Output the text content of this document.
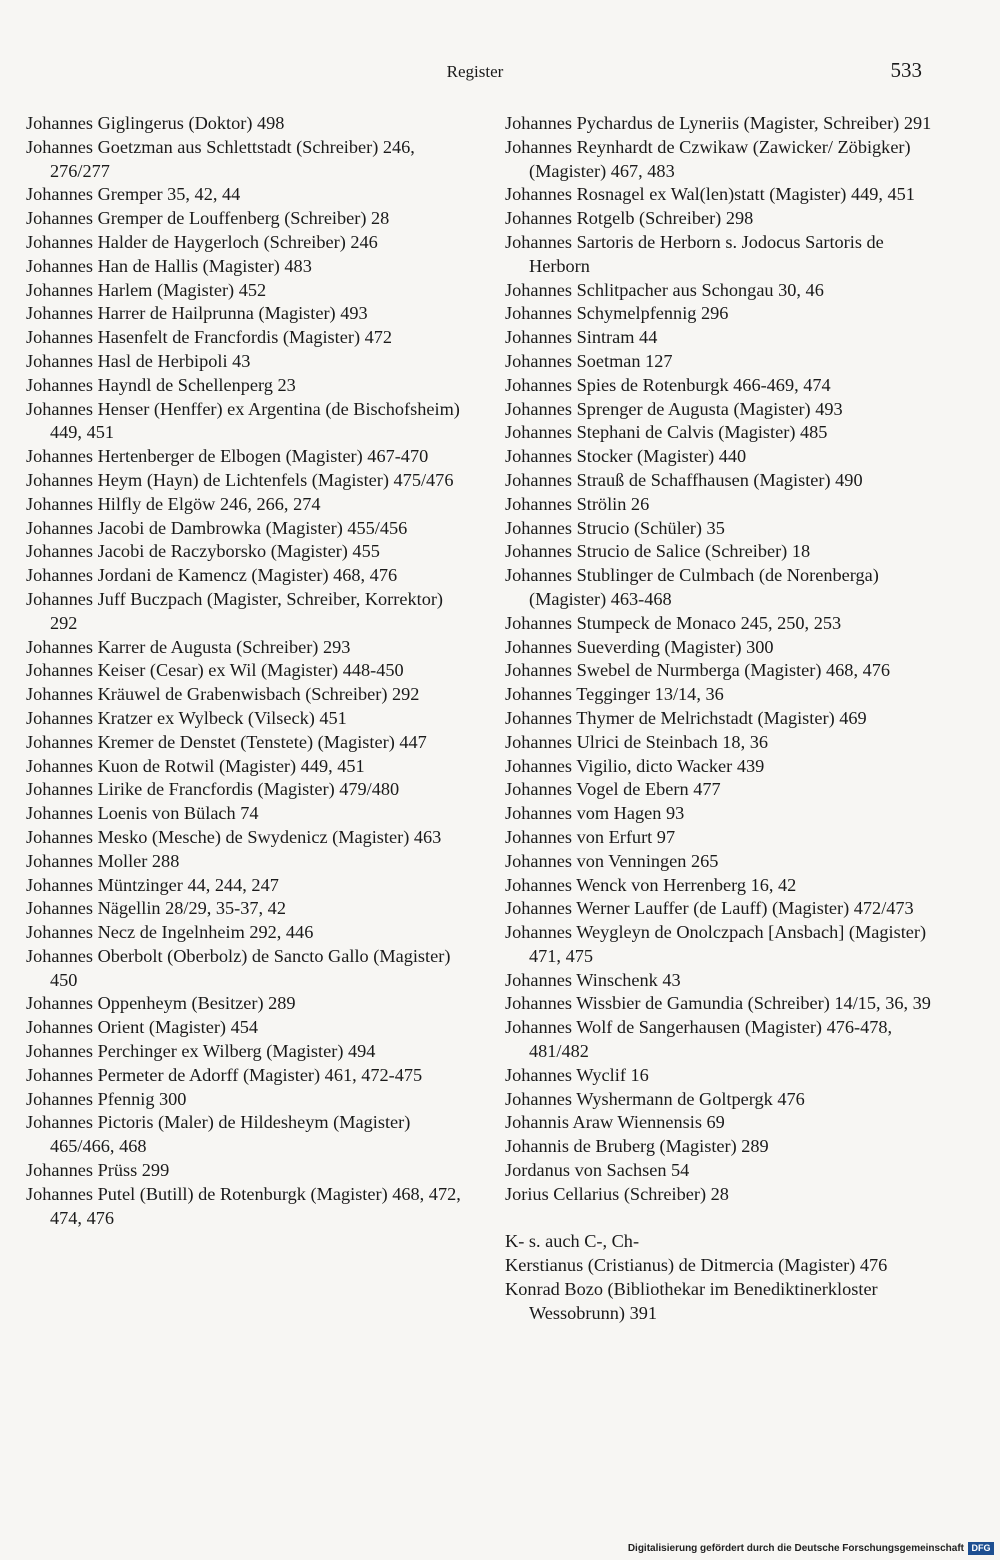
Register	533

Johannes Giglingerus (Doktor) 498

Johannes Goetzman aus Schlettstadt (Schreiber) 246, 276/277

Johannes Gremper 35, 42, 44

Johannes Gremper de Louffenberg (Schreiber) 28

Johannes Halder de Haygerloch (Schreiber) 246

Johannes Han de Hallis (Magister) 483

Johannes Harlem (Magister) 452

Johannes Harrer de Hailprunna (Magister) 493

Johannes Hasenfelt de Francfordis (Magister) 472

Johannes Hasl de Herbipoli 43

Johannes Hayndl de Schellenperg 23

Johannes Henser (Henffer) ex Argentina (de Bischofsheim) 449, 451

Johannes Hertenberger de Elbogen (Magister) 467-470

Johannes Heym (Hayn) de Lichtenfels (Magister) 475/476

Johannes Hilfly de Elgöw 246, 266, 274

Johannes Jacobi de Dambrowka (Magister) 455/456

Johannes Jacobi de Raczyborsko (Magister) 455

Johannes Jordani de Kamencz (Magister) 468, 476

Johannes Juff Buczpach (Magister, Schreiber, Korrektor) 292

Johannes Karrer de Augusta (Schreiber) 293

Johannes Keiser (Cesar) ex Wil (Magister) 448-450

Johannes Kräuwel de Grabenwisbach (Schreiber) 292

Johannes Kratzer ex Wylbeck (Vilseck) 451

Johannes Kremer de Denstet (Tenstete) (Magister) 447

Johannes Kuon de Rotwil (Magister) 449, 451

Johannes Lirike de Francfordis (Magister) 479/480

Johannes Loenis von Bülach 74

Johannes Mesko (Mesche) de Swydenicz (Magister) 463

Johannes Moller 288

Johannes Müntzinger 44, 244, 247

Johannes Nägellin 28/29, 35-37, 42

Johannes Necz de Ingelnheim 292, 446

Johannes Oberbolt (Oberbolz) de Sancto Gallo (Magister) 450

Johannes Oppenheym (Besitzer) 289

Johannes Orient (Magister) 454

Johannes Perchinger ex Wilberg (Magister) 494

Johannes Permeter de Adorff (Magister) 461, 472-475

Johannes Pfennig 300

Johannes Pictoris (Maler) de Hildesheym (Magister) 465/466, 468

Johannes Prüss 299

Johannes Putel (Butill) de Rotenburgk (Magister) 468, 472, 474, 476

Johannes Pychardus de Lyneriis (Magister, Schreiber) 291

Johannes Reynhardt de Czwikaw (Zawicker/ Zöbigker) (Magister) 467, 483

Johannes Rosnagel ex Wal(len)statt (Magister) 449, 451

Johannes Rotgelb (Schreiber) 298

Johannes Sartoris de Herborn s. Jodocus Sartoris de Herborn

Johannes Schlitpacher aus Schongau 30, 46

Johannes Schymelpfennig 296

Johannes Sintram 44

Johannes Soetman 127

Johannes Spies de Rotenburgk 466-469, 474

Johannes Sprenger de Augusta (Magister) 493

Johannes Stephani de Calvis (Magister) 485

Johannes Stocker (Magister) 440

Johannes Strauß de Schaffhausen (Magister) 490

Johannes Strölin 26

Johannes Strucio (Schüler) 35

Johannes Strucio de Salice (Schreiber) 18

Johannes Stublinger de Culmbach (de Norenberga) (Magister) 463-468

Johannes Stumpeck de Monaco 245, 250, 253

Johannes Sueverding (Magister) 300

Johannes Swebel de Nurmberga (Magister) 468, 476

Johannes Tegginger 13/14, 36

Johannes Thymer de Melrichstadt (Magister) 469

Johannes Ulrici de Steinbach 18, 36

Johannes Vigilio, dicto Wacker 439

Johannes Vogel de Ebern 477

Johannes vom Hagen 93

Johannes von Erfurt 97

Johannes von Venningen 265

Johannes Wenck von Herrenberg 16, 42

Johannes Werner Lauffer (de Lauff) (Magister) 472/473

Johannes Weygleyn de Onolczpach [Ansbach] (Magister) 471, 475

Johannes Winschenk 43

Johannes Wissbier de Gamundia (Schreiber) 14/15, 36, 39

Johannes Wolf de Sangerhausen (Magister) 476-478, 481/482

Johannes Wyclif 16

Johannes Wyshermann de Goltpergk 476

Johannis Araw Wiennensis 69

Johannis de Bruberg (Magister) 289

Jordanus von Sachsen 54

Jorius Cellarius (Schreiber) 28

K- s. auch C-, Ch-

Kerstianus (Cristianus) de Ditmercia (Magister) 476

Konrad Bozo (Bibliothekar im Benediktinerkloster Wessobrunn) 391

Digitalisierung gefördert durch die Deutsche Forschungsgemeinschaft DFG
